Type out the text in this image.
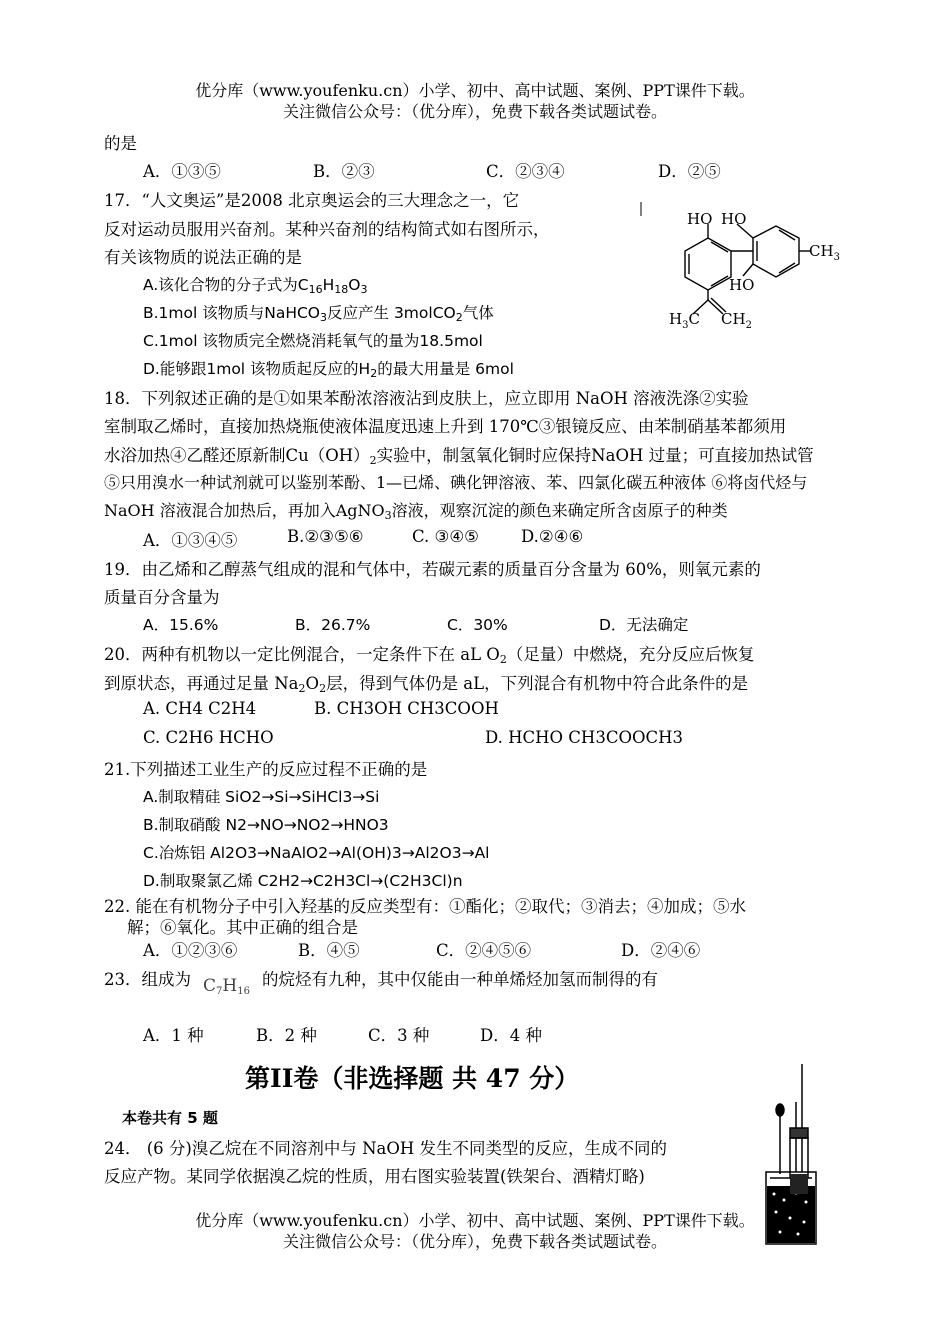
优分库（www.youfenku.cn）小学、初中、高中试题、案例、PPT课件下载。
关注微信公众号：（优分库），免费下载各类试题试卷。
的是
A．①③⑤	B．②③	C．②③④	D．②⑤
17．“人文奥运”是2008 北京奥运会的三大理念之一，它
反对运动员服用兴奋剂。某种兴奋剂的结构简式如右图所示，
有关该物质的说法正确的是
A.该化合物的分子式为$C_{16}H_{18}O_3$
B.1mol 该物质与NaHCO$_3$反应产生 3molCO$_2$气体
C.1mol 该物质完全燃烧消耗氧气的量为18.5mol
D.能够跟1mol 该物质起反应的$H_2$的最大用量是 6mol
HO HO
HO
$CH_3$
$H_3C$ $CH_2$
18．下列叙述正确的是①如果苯酚浓溶液沾到皮肤上，应立即用 NaOH 溶液洗涤②实验
室制取乙烯时，直接加热烧瓶使液体温度迅速上升到 170℃③银镜反应、由苯制硝基苯都须用
水浴加热④乙醛还原新制$Cu(OH)_2$实验中，制氢氧化铜时应保持NaOH 过量；可直接加热试管
⑤只用溴水一种试剂就可以鉴别苯酚、1—已烯、碘化钾溶液、苯、四氯化碳五种液体 ⑥将卤代烃与
NaOH 溶液混合加热后，再加入AgNO$_3$溶液，观察沉淀的颜色来确定所含卤原子的种类
A．①③④⑤	B.②③⑤⑥	C. ③④⑤	D.②④⑥
19．由乙烯和乙醇蒸气组成的混和气体中，若碳元素的质量百分含量为 60%，则氧元素的
质量百分含量为
A．15.6%	B．26.7%	C．30%	D．无法确定
20．两种有机物以一定比例混合，一定条件下在 aL $O_2$（足量）中燃烧，充分反应后恢复
到原状态，再通过足量 $Na_2O_2$层，得到气体仍是 aL，下列混合有机物中符合此条件的是
A. CH4 C2H4	B. CH3OH CH3COOH
C. C2H6 HCHO	D. HCHO CH3COOCH3
21.下列描述工业生产的反应过程不正确的是
A.制取精硅 SiO2→Si→SiHCl3→Si
B.制取硝酸 N2→NO→NO2→HNO3
C.冶炼铝 Al2O3→NaAlO2→Al(OH)3→Al2O3→Al
D.制取聚氯乙烯 C2H2→C2H3Cl→(C2H3Cl)n
22. 能在有机物分子中引入羟基的反应类型有：①酯化；②取代；③消去；④加成；⑤水
解；⑥氧化。其中正确的组合是
A．①②③⑥	B．④⑤	C．②④⑤⑥	D．②④⑥
23．组成为 $C_7H_{16}$
的烷烃有九种，其中仅能由一种单烯烃加氢而制得的有
A．1 种	B．2 种	C．3 种	D．4 种
第II卷（非选择题 共 47 分）
本卷共有 5 题
24． (6 分)溴乙烷在不同溶剂中与 NaOH 发生不同类型的反应，生成不同的
反应产物。某同学依据溴乙烷的性质，用右图实验装置(铁架台、酒精灯略)
优分库（www.youfenku.cn）小学、初中、高中试题、案例、PPT课件下载。
关注微信公众号：（优分库），免费下载各类试题试卷。
